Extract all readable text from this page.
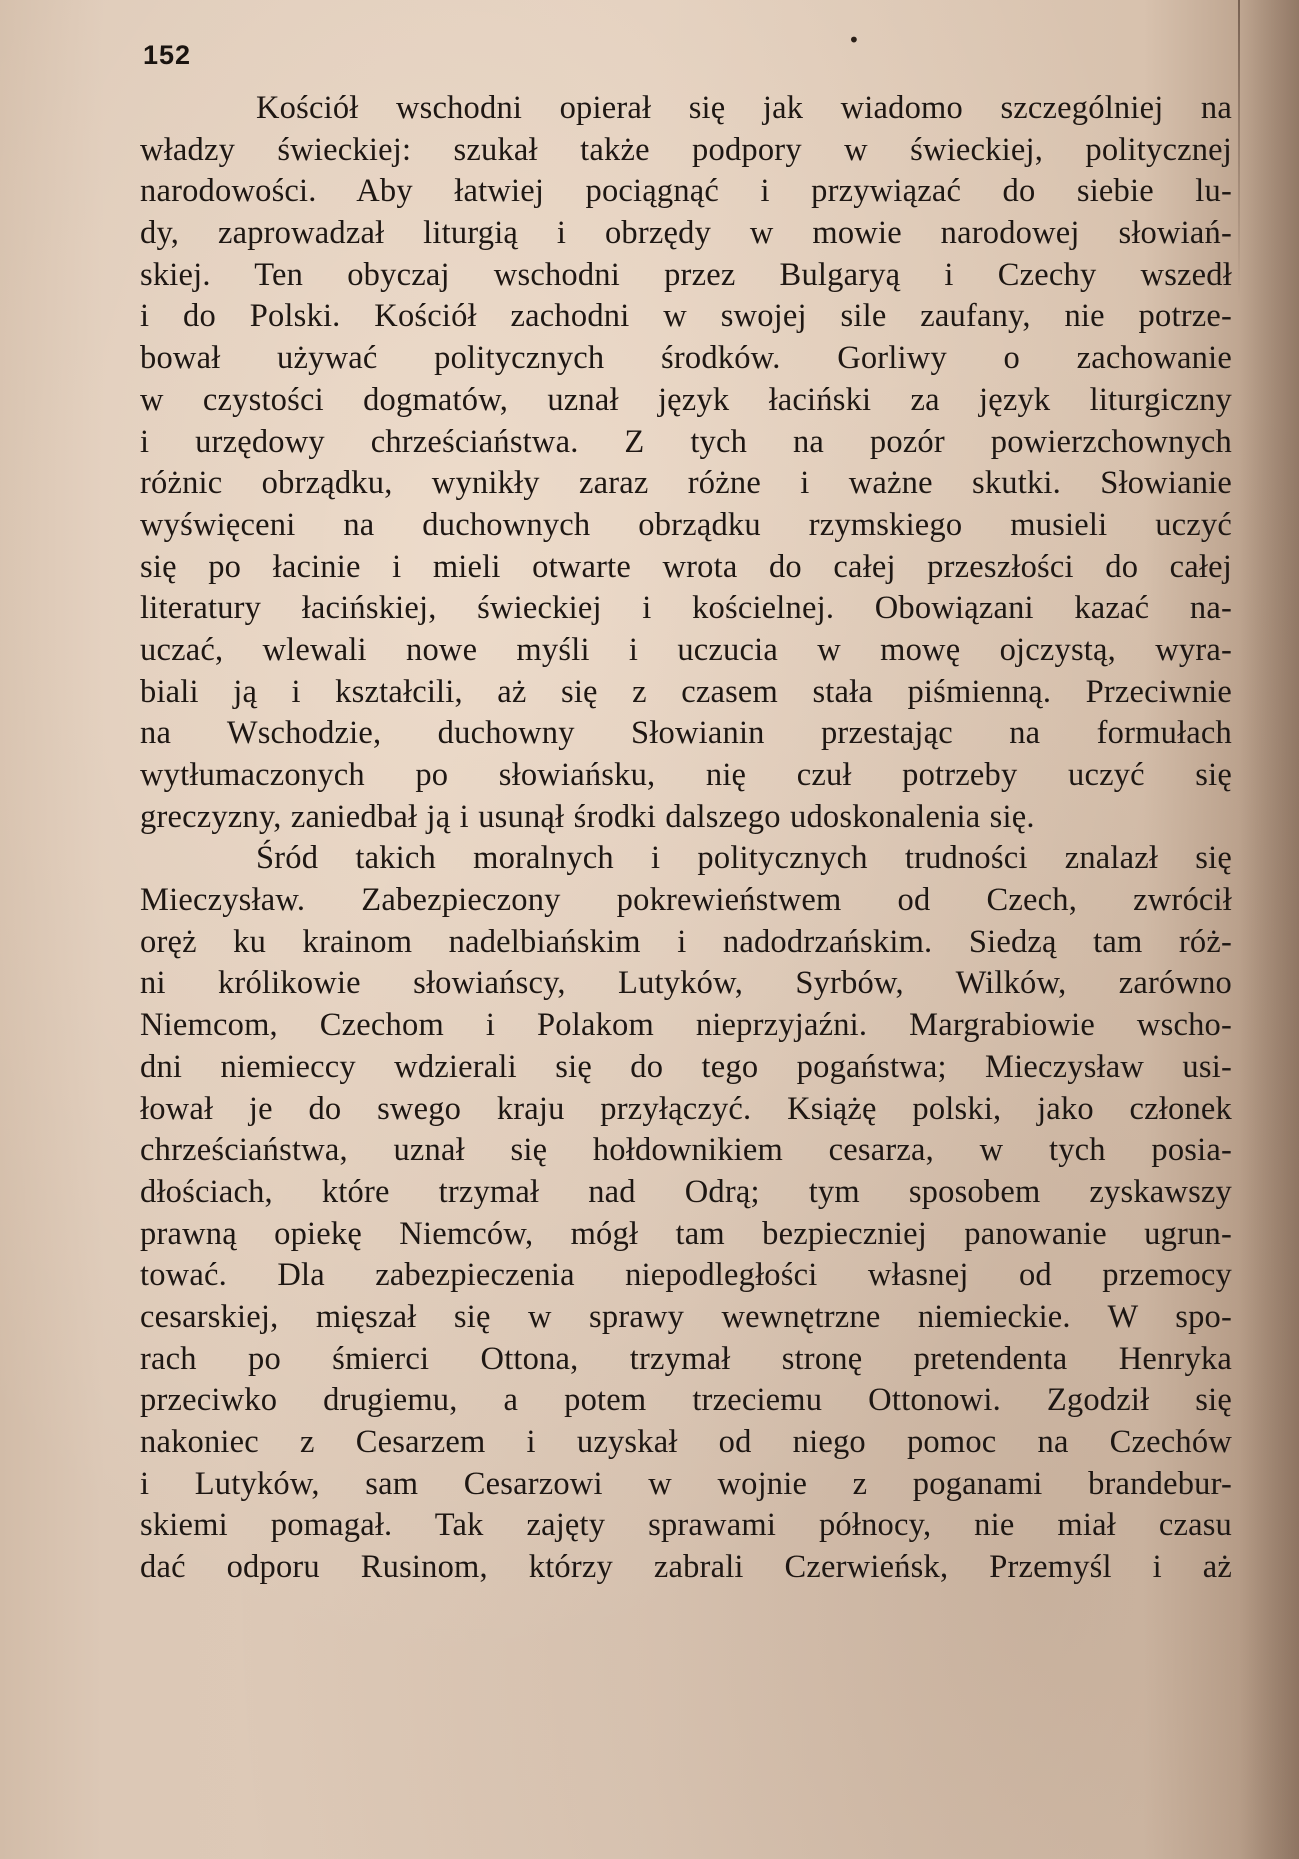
152	•
Kościół wschodni opierał się jak wiadomo szczególniej na
władzy świeckiej: szukał także podpory w świeckiej, politycznej
narodowości. Aby łatwiej pociągnąć i przywiązać do siebie lu-
dy, zaprowadzał liturgią i obrzędy w mowie narodowej słowiań-
skiej. Ten obyczaj wschodni przez Bulgaryą i Czechy wszedł
i do Polski. Kościół zachodni w swojej sile zaufany, nie potrze-
bował używać politycznych środków. Gorliwy o zachowanie
w czystości dogmatów, uznał język łaciński za język liturgiczny
i urzędowy chrześciaństwa. Z tych na pozór powierzchownych
różnic obrządku, wynikły zaraz różne i ważne skutki. Słowianie
wyświęceni na duchownych obrządku rzymskiego musieli uczyć
się po łacinie i mieli otwarte wrota do całej przeszłości do całej
literatury łacińskiej, świeckiej i kościelnej. Obowiązani kazać na-
uczać, wlewali nowe myśli i uczucia w mowę ojczystą, wyra-
biali ją i kształcili, aż się z czasem stała piśmienną. Przeciwnie
na Wschodzie, duchowny Słowianin przestając na formułach
wytłumaczonych po słowiańsku, nię czuł potrzeby uczyć się
greczyzny, zaniedbał ją i usunął środki dalszego udoskonalenia się.
Śród takich moralnych i politycznych trudności znalazł się
Mieczysław. Zabezpieczony pokrewieństwem od Czech, zwrócił
oręż ku krainom nadelbiańskim i nadodrzańskim. Siedzą tam róż-
ni królikowie słowiańscy, Lutyków, Syrbów, Wilków, zarówno
Niemcom, Czechom i Polakom nieprzyjaźni. Margrabiowie wscho-
dni niemieccy wdzierali się do tego pogaństwa; Mieczysław usi-
łował je do swego kraju przyłączyć. Książę polski, jako członek
chrześciaństwa, uznał się hołdownikiem cesarza, w tych posia-
dłościach, które trzymał nad Odrą; tym sposobem zyskawszy
prawną opiekę Niemców, mógł tam bezpieczniej panowanie ugrun-
tować. Dla zabezpieczenia niepodległości własnej od przemocy
cesarskiej, mięszał się w sprawy wewnętrzne niemieckie. W spo-
rach po śmierci Ottona, trzymał stronę pretendenta Henryka
przeciwko drugiemu, a potem trzeciemu Ottonowi. Zgodził się
nakoniec z Cesarzem i uzyskał od niego pomoc na Czechów
i Lutyków, sam Cesarzowi w wojnie z poganami brandebur-
skiemi pomagał. Tak zajęty sprawami północy, nie miał czasu
dać odporu Rusinom, którzy zabrali Czerwieńsk, Przemyśl i aż
